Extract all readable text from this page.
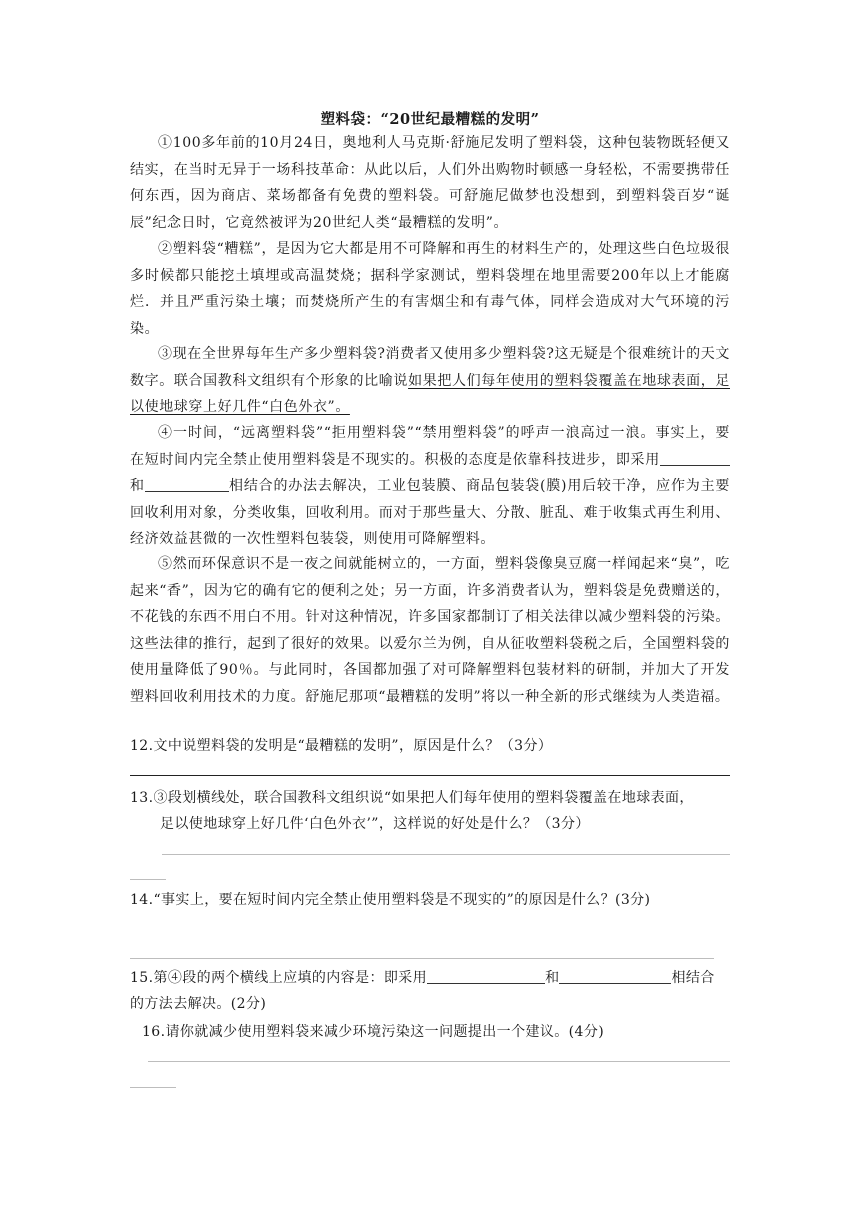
塑料袋：“20世纪最糟糕的发明”
①100多年前的10月24日，奥地利人马克斯·舒施尼发明了塑料袋，这种包装物既轻便又结实，在当时无异于一场科技革命：从此以后，人们外出购物时顿感一身轻松，不需要携带任何东西，因为商店、菜场都备有免费的塑料袋。可舒施尼做梦也没想到，到塑料袋百岁“诞辰”纪念日时，它竟然被评为20世纪人类“最糟糕的发明”。
②塑料袋“糟糕”，是因为它大都是用不可降解和再生的材料生产的，处理这些白色垃圾很多时候都只能挖土填埋或高温焚烧；据科学家测试，塑料袋埋在地里需要200年以上才能腐烂．并且严重污染土壤；而焚烧所产生的有害烟尘和有毒气体，同样会造成对大气环境的污染。
③现在全世界每年生产多少塑料袋?消费者又使用多少塑料袋?这无疑是个很难统计的天文数字。联合国教科文组织有个形象的比喻说如果把人们每年使用的塑料袋覆盖在地球表面，足以使地球穿上好几件“白色外衣”。
④一时间，“远离塑料袋”“拒用塑料袋”“禁用塑料袋”的呼声一浪高过一浪。事实上，要在短时间内完全禁止使用塑料袋是不现实的。积极的态度是依靠科技进步，即采用和	相结合的办法去解决，工业包装膜、商品包装袋(膜)用后较干净，应作为主要回收利用对象，分类收集，回收利用。而对于那些量大、分散、脏乱、难于收集式再生利用、经济效益甚微的一次性塑料包装袋，则使用可降解塑料。
⑤然而环保意识不是一夜之间就能树立的，一方面，塑料袋像臭豆腐一样闻起来“臭”，吃起来“香”，因为它的确有它的便利之处；另一方面，许多消费者认为，塑料袋是免费赠送的，不花钱的东西不用白不用。针对这种情况，许多国家都制订了相关法律以减少塑料袋的污染。这些法律的推行，起到了很好的效果。以爱尔兰为例，自从征收塑料袋税之后，全国塑料袋的使用量降低了90％。与此同时，各国都加强了对可降解塑料包装材料的研制，并加大了开发塑料回收利用技术的力度。舒施尼那项“最糟糕的发明”将以一种全新的形式继续为人类造福。
12.文中说塑料袋的发明是“最糟糕的发明”，原因是什么？（3分）
13.③段划横线处，联合国教科文组织说“如果把人们每年使用的塑料袋覆盖在地球表面，
足以使地球穿上好几件‘白色外衣’”，这样说的好处是什么？（3分）
14.“事实上，要在短时间内完全禁止使用塑料袋是不现实的”的原因是什么？(3分)
15.第④段的两个横线上应填的内容是：即采用	和	相结合
的方法去解决。(2分)
16.请你就减少使用塑料袋来减少环境污染这一问题提出一个建议。(4分)
